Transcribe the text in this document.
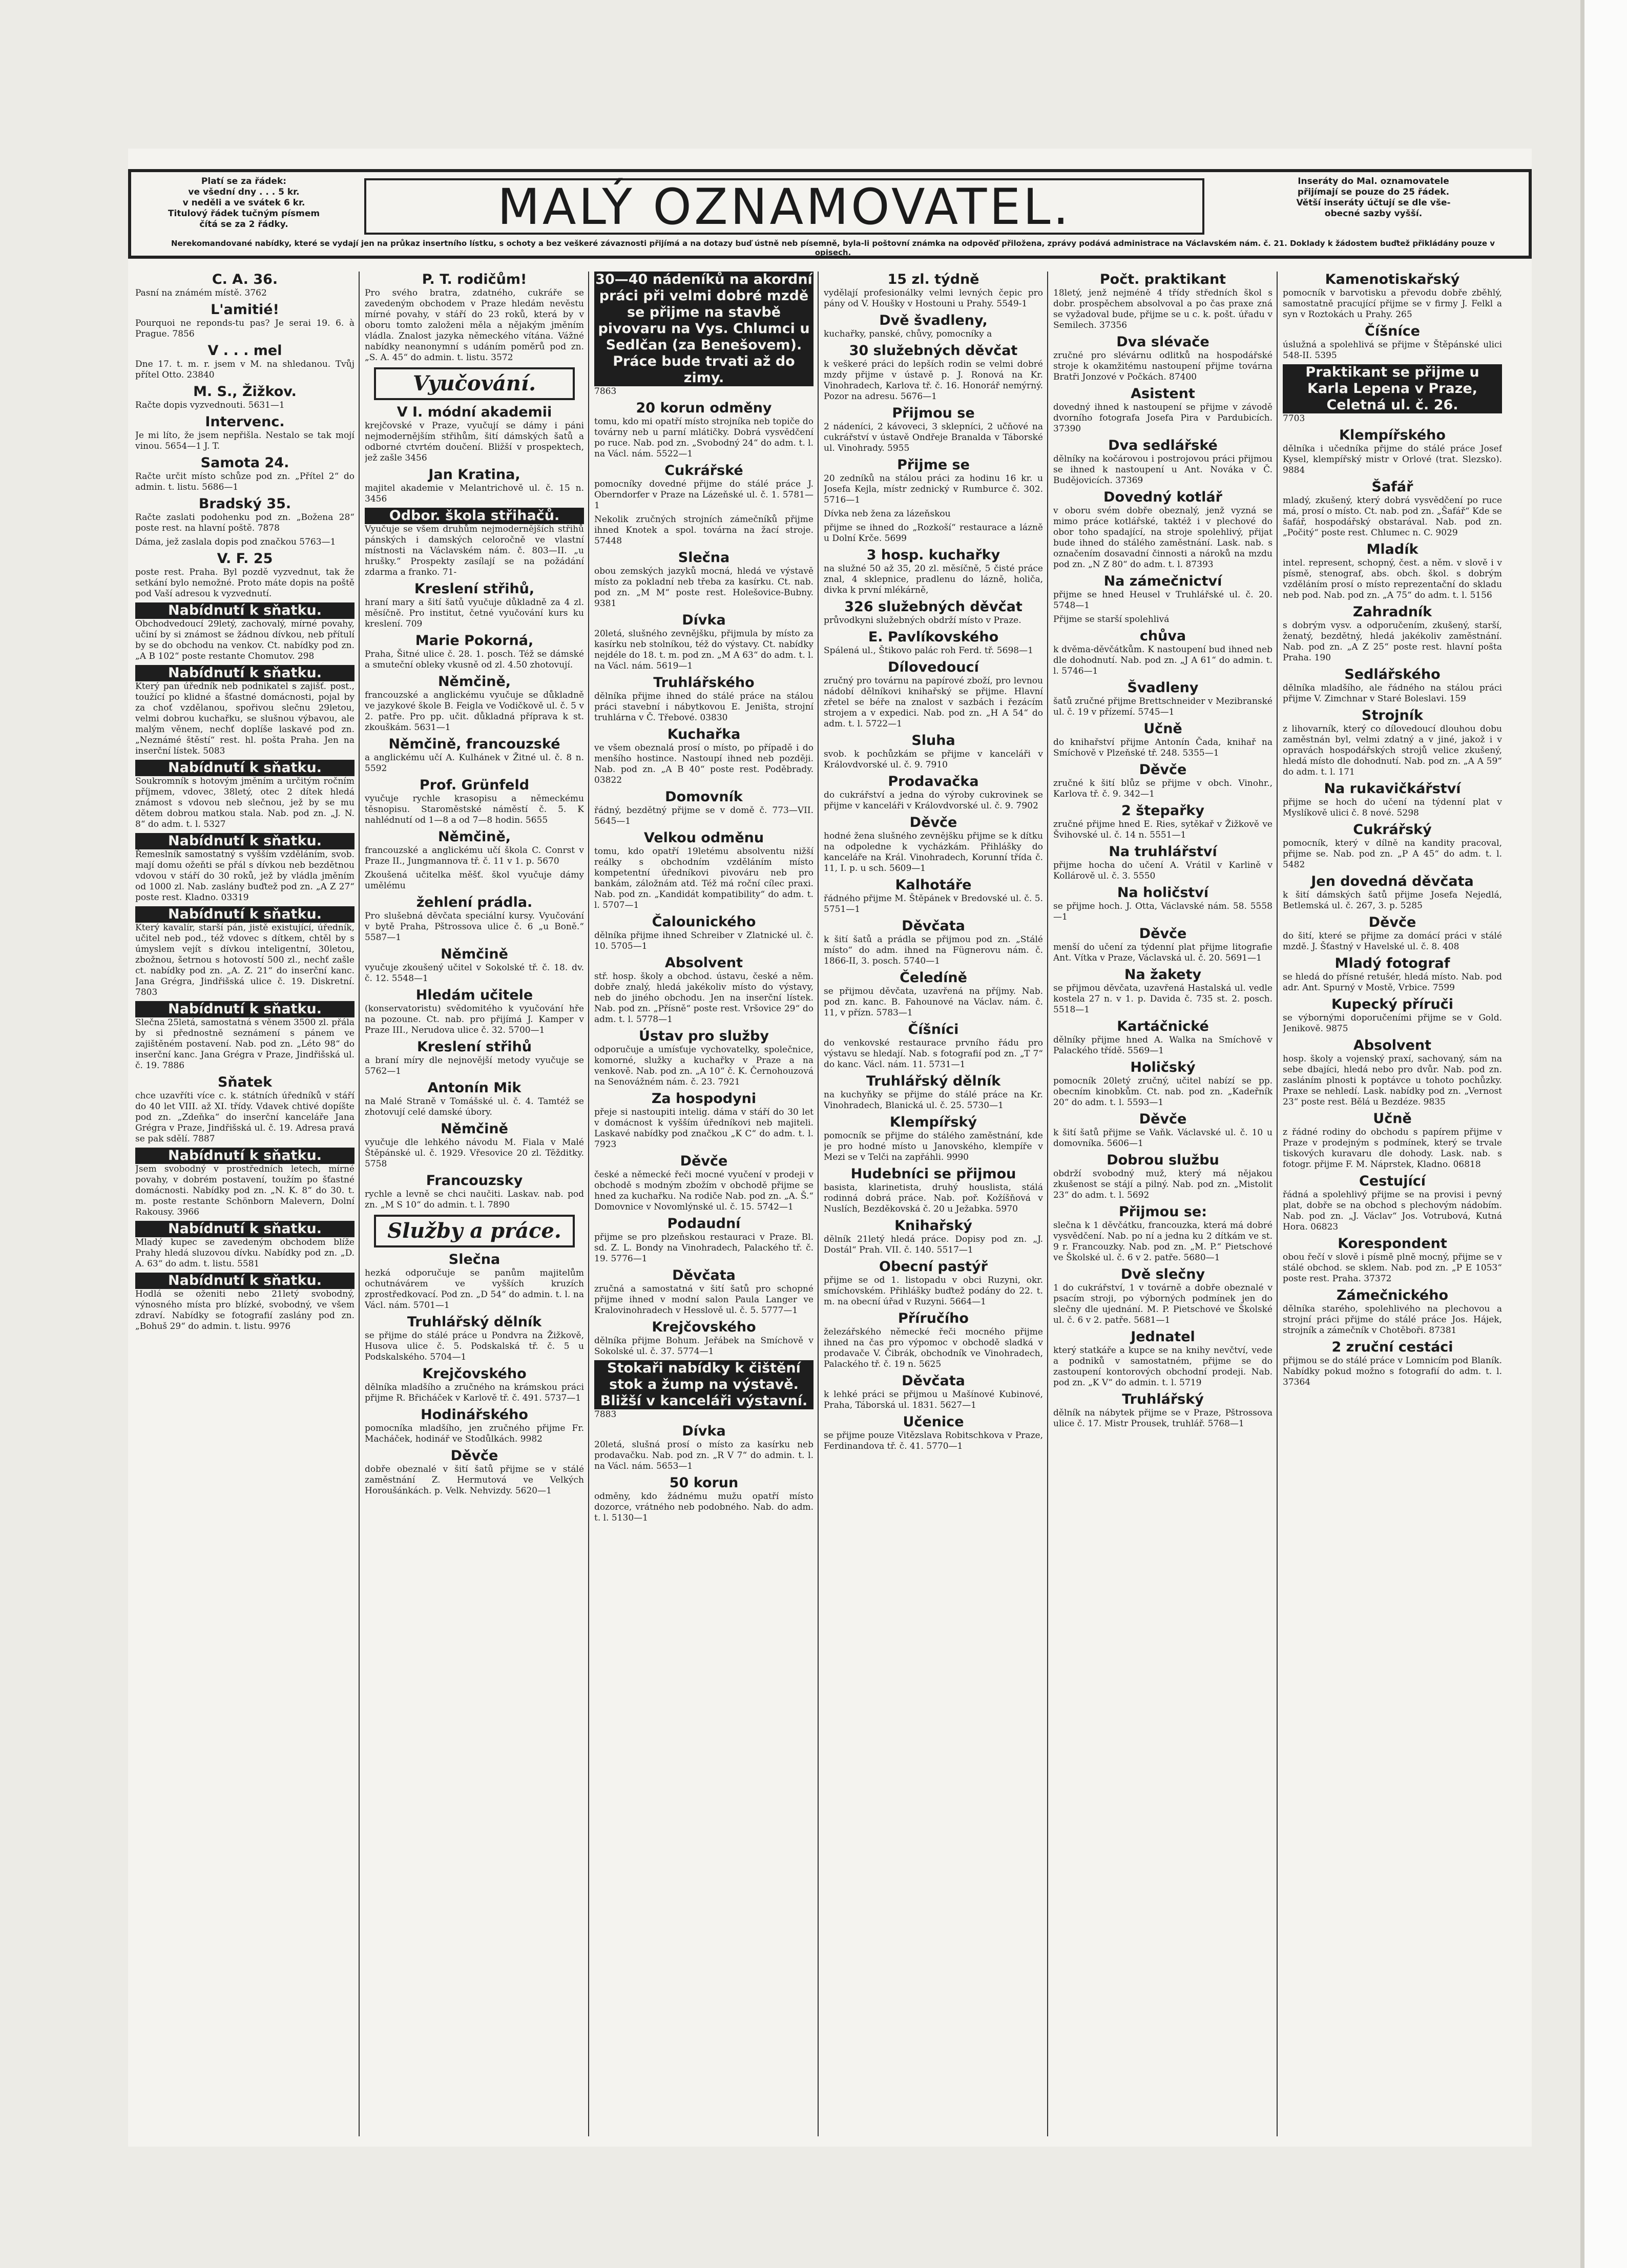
Platí se za řádek:
ve všední dny . . . 5 kr.
v neděli a ve svátek 6 kr.
Titulový řádek tučným písmem
čítá se za 2 řádky.	MALÝ OZNAMOVATEL.	Inseráty do Mal. oznamovatele
přijímají se pouze do 25 řádek.
Větší inseráty účtují se dle vše-
obecné sazby vyšší.
Nerekomandované nabídky, které se vydají jen na průkaz insertního lístku, s ochoty a bez veškeré závaznosti přijímá a na dotazy buď ústně neb písemně, byla-li poštovní známka na odpověď přiložena, zprávy podává administrace na Václavském nám. č. 21. Doklady k žádostem buďtež přikládány pouze v opisech.
C. A. 36.

Pasní na známém místě. 3762

L'amitié!

Pourquoi ne reponds-tu pas? Je serai 19. 6. à Prague. 7856

V . . . mel

Dne 17. t. m. r. jsem v M. na shledanou. Tvůj přítel Otto. 23840

M. S., Žižkov.

Račte dopis vyzvednouti. 5631—1

Intervenc.

Je mi líto, že jsem nepřišla. Nestalo se tak mojí vinou. 5654—1 J. T.

Samota 24.

Račte určit místo schůze pod zn. „Přítel 2“ do admin. t. listu. 5686—1

Bradský 35.

Račte zaslati podohenku pod zn. „Božena 28“ poste rest. na hlavní poště. 7878

Dáma, jež zaslala dopis pod značkou 5763—1

V. F. 25

poste rest. Praha. Byl pozdě vyzvednut, tak že setkání bylo nemožné. Proto máte dopis na poště pod Vaší adresou k vyzvednutí.

Nabídnutí k sňatku.

Obchodvedoucí 29letý, zachovalý, mírné povahy, učiní by si známost se žádnou dívkou, neb přítulí by se do obchodu na venkov. Ct. nabídky pod zn. „A B 102“ poste restante Chomutov. 298

Nabídnutí k sňatku.

Který pan úředník neb podnikatel s zajišť. post., toužící po klidné a šťastné domácnosti, pojal by za choť vzdělanou, spořivou slečnu 29letou, velmi dobrou kuchařku, se slušnou výbavou, ale malým věnem, nechť doplíše laskavé pod zn. „Neznámé štěstí“ rest. hl. pošta Praha. Jen na inserční lístek. 5083

Nabídnutí k sňatku.

Soukromník s hotovým jměním a určitým ročním příjmem, vdovec, 38letý, otec 2 dítek hledá známost s vdovou neb slečnou, jež by se mu dětem dobrou matkou stala. Nab. pod zn. „J. N. 8“ do adm. t. l. 5327

Nabídnutí k sňatku.

Řemeslník samostatný s vyšším vzděláním, svob. mají domu ožeňti se přál s dívkou neb bezdětnou vdovou v stáří do 30 roků, jež by vládla jměním od 1000 zl. Nab. zaslány buďtež pod zn. „A Z 27“ poste rest. Kladno. 03319

Nabídnutí k sňatku.

Který kavalír, starší pán, jistě existující, úředník, učitel neb pod., též vdovec s dítkem, chtěl by s úmyslem vejít s dívkou inteligentní, 30letou, zbožnou, šetrnou s hotovostí 500 zl., nechť zašle ct. nabídky pod zn. „A. Z. 21“ do inserční kanc. Jana Grégra, Jindřišská ulice č. 19. Diskretní. 7803

Nabídnutí k sňatku.

Slečna 25letá, samostatná s věnem 3500 zl. přála by si přednostně seznámení s pánem ve zajištěném postavení. Nab. pod zn. „Léto 98“ do inserční kanc. Jana Grégra v Praze, Jindřišská ul. č. 19. 7886

Sňatek

chce uzavříti více c. k. státních úředníků v stáří do 40 let VIII. až XI. třídy. Vdavek chtivé dopíšte pod zn. „Zdeňka“ do inserční kanceláře Jana Grégra v Praze, Jindřišská ul. č. 19. Adresa pravá se pak sdělí. 7887

Nabídnutí k sňatku.

Jsem svobodný v prostředních letech, mírné povahy, v dobrém postavení, toužím po šťastné domácnosti. Nabídky pod zn. „N. K. 8“ do 30. t. m. poste restante Schönborn Malevern, Dolní Rakousy. 3966

Nabídnutí k sňatku.

Mladý kupec se zavedeným obchodem blíže Prahy hledá sluzovou dívku. Nabídky pod zn. „D. A. 63“ do adm. t. listu. 5581

Nabídnutí k sňatku.

Hodlá se oženiti nebo 21letý svobodný, výnosného místa pro blízké, svobodný, ve všem zdraví. Nabídky se fotografií zaslány pod zn. „Bohuš 29“ do admin. t. listu. 9976

P. T. rodičům!

Pro svého bratra, zdatného, cukráře se zavedeným obchodem v Praze hledám nevěstu mírné povahy, v stáří do 23 roků, která by v oboru tomto založeni měla a nějakým jměním vládla. Znalost jazyka německého vítána. Vážné nabídky neanonymní s udáním poměrů pod zn. „S. A. 45“ do admin. t. listu. 3572

Vyučování.
V I. módní akademii

krejčovské v Praze, vyučují se dámy i páni nejmodernějším střihům, šití dámských šatů a odborné ctvrtém doučení. Bližší v prospektech, jež zašle 3456

Jan Kratina,

majitel akademie v Melantrichově ul. č. 15 n. 3456

Odbor. škola střihačů.

Vyučuje se všem druhům nejmodernějších střihů pánských i damských celoročně ve vlastní místnosti na Václavském nám. č. 803—II. „u hrušky.“ Prospekty zasílají se na požádání zdarma a franko. 71-

Kreslení střihů,

hraní mary a šití šatů vyučuje důkladně za 4 zl. měsíčně. Pro institut, četné vyučování kurs ku kreslení. 709

Marie Pokorná,

Praha, Šitné ulice č. 28. 1. posch. Též se dámské a smuteční obleky vkusně od zl. 4.50 zhotovují.

Němčině,

francouzské a anglickému vyučuje se důkladně ve jazykové škole B. Feigla ve Vodičkově ul. č. 5 v 2. patře. Pro pp. učit. důkladná příprava k st. zkouškám. 5631—1

Němčině, francouzské

a anglickému učí A. Kulhánek v Žitné ul. č. 8 n. 5592

Prof. Grünfeld

vyučuje rychle krasopisu a německému těsnopisu. Staroměstské náměstí č. 5. K nahlédnutí od 1—8 a od 7—8 hodin. 5655

Němčině,

francouzské a anglickému učí škola C. Conrst v Praze II., Jungmannova tř. č. 11 v 1. p. 5670

Zkoušená učitelka měšť. škol vyučuje dámy umělému

žehlení prádla.

Pro slušebná děvčata speciální kursy. Vyučování v bytě Praha, Pštrossova ulice č. 6 „u Boně.“ 5587—1

Němčině

vyučuje zkoušený učitel v Sokolské tř. č. 18. dv. č. 12. 5548—1

Hledám učitele

(konservatoristu) svědomitého k vyučování hře na pozoune. Ct. nab. pro přijímá J. Kamper v Praze III., Nerudova ulice č. 32. 5700—1

Kreslení střihů

a braní míry dle nejnovější metody vyučuje se 5762—1

Antonín Mik

na Malé Straně v Tomášské ul. č. 4. Tamtéž se zhotovují celé damské úbory.

Němčině

vyučuje dle lehkého návodu M. Fiala v Malé Štěpánské ul. č. 1929. Vřesovice 20 zl. Těžditky. 5758

Francouzsky

rychle a levně se chci naučiti. Laskav. nab. pod zn. „M S 10“ do admin. t. l. 7890

Služby a práce.
Slečna

hezká odporučuje se panům majitelům ochutnávárem ve vyšších kruzích zprostředkovací. Pod zn. „D 54“ do admin. t. l. na Václ. nám. 5701—1

Truhlářský dělník

se přijme do stálé práce u Pondvra na Žižkově, Husova ulice č. 5. Podskalská tř. č. 5 u Podskalského. 5704—1

Krejčovského

dělníka mladšího a zručného na krámskou práci přijme R. Břicháček v Karlově tř. č. 491. 5737—1

Hodinářského

pomocníka mladšího, jen zručného přijme Fr. Macháček, hodinář ve Stodůlkách. 9982

Děvče

dobře obeznalé v šití šatů přijme se v stálé zaměstnání Z. Hermutová ve Velkých Horoušánkách. p. Velk. Nehvizdy. 5620—1

30—40 nádeníků na akordní práci při velmi dobré mzdě se přijme na stavbě pivovaru na Vys. Chlumci u Sedlčan (za Benešovem). Práce bude trvati až do zimy.

7863

20 korun odměny

tomu, kdo mi opatří místo strojníka neb topiče do továrny neb u parní mlátičky. Dobrá vysvědčení po ruce. Nab. pod zn. „Svobodný 24“ do adm. t. l. na Václ. nám. 5522—1

Cukrářské

pomocníky dovedné přijme do stálé práce J. Oberndorfer v Praze na Lázeňské ul. č. 1. 5781—1

Nekolik zručných strojních zámečníků přijme ihned Knotek a spol. továrna na žací stroje. 57448

Slečna

obou zemských jazyků mocná, hledá ve výstavě místo za pokladní neb třeba za kasírku. Ct. nab. pod zn. „M M“ poste rest. Holešovice-Bubny. 9381

Dívka

20letá, slušného zevnějšku, přijmula by místo za kasírku neb stolníkou, též do výstavy. Ct. nabídky nejdéle do 18. t. m. pod zn. „M A 63“ do adm. t. l. na Václ. nám. 5619—1

Truhlářského

dělníka přijme ihned do stálé práce na stálou práci stavební i nábytkovou E. Jeništa, strojní truhlárna v Č. Třebové. 03830

Kuchařka

ve všem obeznalá prosí o místo, po případě i do menšího hostince. Nastoupí ihned neb později. Nab. pod zn. „A B 40“ poste rest. Poděbrady. 03822

Domovník

řádný, bezdětný přijme se v domě č. 773—VII. 5645—1

Velkou odměnu

tomu, kdo opatří 19letému absolventu nižší reálky s obchodním vzděláním místo kompetentní úředníkovi pivováru neb pro bankám, záložnám atd. Též má roční cílec praxi. Nab. pod zn. „Kandidát kompatibility“ do adm. t. l. 5707—1

Čalounického

dělníka přijme ihned Schreiber v Zlatnické ul. č. 10. 5705—1

Absolvent

stř. hosp. školy a obchod. ústavu, české a něm. dobře znalý, hledá jakékoliv místo do výstavy, neb do jiného obchodu. Jen na inserční lístek. Nab. pod zn. „Přísně“ poste rest. Vršovice 29“ do adm. t. l. 5778—1

Ústav pro služby

odporučuje a umísťuje vychovatelky, společnice, komorné, služky a kuchařky v Praze a na venkově. Nab. pod zn. „A 10“ č. K. Černohouzová na Senovážném nám. č. 23. 7921

Za hospodyni

přeje si nastoupiti intelig. dáma v stáří do 30 let v domácnost k vyšším úředníkovi neb majiteli. Laskavé nabídky pod značkou „K C“ do adm. t. l. 7923

Děvče

české a německé řeči mocné vyučení v prodeji v obchodě s modným zbožím v obchodě přijme se hned za kuchařku. Na rodiče Nab. pod zn. „A. Š.“ Domovnice v Novomlýnské ul. č. 15. 5742—1

Podaudní

přijme se pro plzeňskou restauraci v Praze. Bl. sd. Z. L. Bondy na Vinohradech, Palackého tř. č. 19. 5776—1

Děvčata

zručná a samostatná v šití šatů pro schopné přijme ihned v modní salon Paula Langer ve Kralovinohradech v Hesslově ul. č. 5. 5777—1

Krejčovského

dělníka přijme Bohum. Jeřábek na Smíchově v Sokolské ul. č. 37. 5774—1

Stokaři nabídky k čištění stok a žump na výstavě. Bližší v kanceláři výstavní.

7883

Dívka

20letá, slušná prosí o místo za kasírku neb prodavačku. Nab. pod zn. „R V 7“ do admin. t. l. na Václ. nám. 5653—1

50 korun

odměny, kdo žádnému mužu opatří místo dozorce, vrátného neb podobného. Nab. do adm. t. l. 5130—1

15 zl. týdně

vydělají profesionálky velmi levných čepic pro pány od V. Houšky v Hostouni u Prahy. 5549-1

Dvě švadleny,

kuchařky, panské, chůvy, pomocníky a

30 služebných děvčat

k veškeré práci do lepších rodin se velmi dobré mzdy přijme v ústavě p. J. Ronová na Kr. Vinohradech, Karlova tř. č. 16. Honorář nemýrný. Pozor na adresu. 5676—1

Přijmou se

2 nádeníci, 2 kávoveci, 3 sklepníci, 2 učňové na cukrářství v ústavě Ondřeje Branalda v Táborské ul. Vinohrady. 5955

Přijme se

20 zedníků na stálou práci za hodinu 16 kr. u Josefa Kejla, místr zednický v Rumburce č. 302. 5716—1

Dívka neb žena za lázeňskou

přijme se ihned do „Rozkoší“ restaurace a lázně u Dolní Krče. 5699

3 hosp. kuchařky

na služné 50 až 35, 20 zl. měsíčně, 5 čisté práce znal, 4 sklepnice, pradlenu do lázně, holiča, divka k první mlékárně,

326 služebných děvčat

průvodkyni služebných obdrží místo v Praze.

E. Pavlíkovského

Spálená ul., Štikovo palác roh Ferd. tř. 5698—1

Dílovedoucí

zručný pro továrnu na papírové zboží, pro levnou nádobí dělníkovi knihařský se přijme. Hlavní zřetel se béře na znalost v sazbách i řezácím strojem a v expedici. Nab. pod zn. „H A 54“ do adm. t. l. 5722—1

Sluha

svob. k pochůzkám se přijme v kanceláři v Královdvorské ul. č. 9. 7910

Prodavačka

do cukrářství a jedna do výroby cukrovinek se přijme v kanceláři v Královdvorské ul. č. 9. 7902

Děvče

hodné žena slušného zevnějšku přijme se k dítku na odpoledne k vycházkám. Přihlášky do kanceláře na Král. Vinohradech, Korunní třída č. 11, I. p. u sch. 5609—1

Kalhotáře

řádného přijme M. Štěpánek v Bredovské ul. č. 5. 5751—1

Děvčata

k šití šatů a prádla se přijmou pod zn. „Stálé místo“ do adm. ihned na Fügnerovu nám. č. 1866-II, 3. posch. 5740—1

Čeledíně

se přijmou děvčata, uzavřená na příjmy. Nab. pod zn. kanc. B. Fahounové na Václav. nám. č. 11, v přízn. 5783—1

Číšníci

do venkovské restaurace prvního řádu pro výstavu se hledají. Nab. s fotografií pod zn. „T 7“ do kanc. Václ. nám. 11. 5731—1

Truhlářský dělník

na kuchyňky se přijme do stálé práce na Kr. Vinohradech, Blanická ul. č. 25. 5730—1

Klempířský

pomocník se přijme do stálého zaměstnání, kde je pro hodné místo u Janovského, klempíře v Mezi se v Telči na zapřáhli. 9990

Hudebníci se přijmou

basista, klarinetista, druhý houslista, stálá rodinná dobrá práce. Nab. poř. Kožíšňová v Nuslích, Bezděkovská č. 20 u Ježabka. 5970

Knihařský

dělník 21letý hledá práce. Dopisy pod zn. „J. Dostál“ Prah. VII. č. 140. 5517—1

Obecní pastýř

přijme se od 1. listopadu v obci Ruzyni, okr. smíchovském. Přihlášky buďtež podány do 22. t. m. na obecní úřad v Ruzyni. 5664—1

Příručího

železářského německé řeči mocného přijme ihned na čas pro výpomoc v obchodě sladká v prodavače V. Čibrák, obchodník ve Vinohradech, Palackého tř. č. 19 n. 5625

Děvčata

k lehké práci se přijmou u Mašínové Kubinové, Praha, Táborská ul. 1831. 5627—1

Učenice

se přijme pouze Vitězslava Robitschkova v Praze, Ferdinandova tř. č. 41. 5770—1

Počt. praktikant

18letý, jenž nejméně 4 třídy středních škol s dobr. prospěchem absolvoval a po čas praxe zná se vyžadoval bude, přijme se u c. k. pošt. úřadu v Semilech. 37356

Dva slévače

zručné pro slévárnu odlitků na hospodářské stroje k okamžitému nastoupení přijme továrna Bratři Jonzové v Počkách. 87400

Asistent

dovedný ihned k nastoupení se přijme v závodě dvorního fotografa Josefa Pira v Pardubicích. 37390

Dva sedlářské

dělníky na kočárovou i postrojovou práci přijmou se ihned k nastoupení u Ant. Nováka v Č. Budějovicích. 37369

Dovedný kotlář

v oboru svém dobře obeznalý, jenž vyzná se mimo práce kotlářské, taktéž i v plechové do obor toho spadající, na stroje spolehlivý, přijat bude ihned do stálého zaměstnání. Lask. nab. s označením dosavadní činnosti a nároků na mzdu pod zn. „N Z 80“ do adm. t. l. 87393

Na zámečnictví

přijme se hned Heusel v Truhlářské ul. č. 20. 5748—1

Přijme se starší spolehlivá

chůva

k dvěma-děvčátkům. K nastoupení bud ihned neb dle dohodnutí. Nab. pod zn. „J A 61“ do admin. t. l. 5746—1

Švadleny

šatů zručné přijme Brettschneider v Mezibranské ul. č. 19 v přízemí. 5745—1

Učně

do knihařství přijme Antonín Čada, knihař na Smíchově v Plzeňské tř. 248. 5355—1

Děvče

zručné k šití blůz se přijme v obch. Vinohr., Karlova tř. č. 9. 342—1

2 štepařky

zručné přijme hned E. Ries, sytěkař v Žižkově ve Švihovské ul. č. 14 n. 5551—1

Na truhlářství

přijme hocha do učení A. Vrátil v Karlině v Kollárově ul. č. 3. 5550

Na holičství

se přijme hoch. J. Otta, Václavské nám. 58. 5558—1

Děvče

menší do učení za týdenní plat přijme litografie Ant. Vítka v Praze, Václavská ul. č. 20. 5691—1

Na žakety

se přijmou děvčata, uzavřená Hastalská ul. vedle kostela 27 n. v 1. p. Davida č. 735 st. 2. posch. 5518—1

Kartáčnické

dělníky přijme hned A. Walka na Smíchově v Palackého třídě. 5569—1

Holičský

pomocník 20letý zručný, učitel nabízí se pp. obecním kinobkům. Ct. nab. pod zn. „Kadeřník 20“ do adm. t. l. 5593—1

Děvče

k šití šatů přijme se Vaňk. Václavské ul. č. 10 u domovníka. 5606—1

Dobrou službu

obdrží svobodný muž, který má nějakou zkušenost se stájí a pilný. Nab. pod zn. „Mistolit 23“ do adm. t. l. 5692

Přijmou se:

slečna k 1 děvčátku, francouzka, která má dobré vysvědčení. Nab. po ní a jedna ku 2 dítkám ve st. 9 r. Francouzky. Nab. pod zn. „M. P.“ Pietschové ve Školské ul. č. 6 v 2. patře. 5680—1

Dvě slečny

1 do cukrářství, 1 v továrně a dobře obeznalé v psacím stroji, po výborných podmínek jen do slečny dle ujednání. M. P. Pietschové ve Školské ul. č. 6 v 2. patře. 5681—1

Jednatel

který statkáře a kupce se na knihy nevčtví, vede a podniků v samostatném, přijme se do zastoupení kontorových obchodní prodeji. Nab. pod zn. „K V“ do admin. t. l. 5719

Truhlářský

dělník na nábytek přijme se v Praze, Pštrossova ulice č. 17. Mistr Prousek, truhlář. 5768—1

Kamenotiskařský

pomocník v barvotisku a převodu dobře zběhlý, samostatně pracující přijme se v firmy J. Felkl a syn v Roztokách u Prahy. 265

Číšníce

úslužná a spolehlivá se přijme v Štěpánské ulici 548-II. 5395

Praktikant se přijme u Karla Lepena v Praze, Celetná ul. č. 26.

7703

Klempířského

dělníka i učedníka přijme do stálé práce Josef Kysel, klempířský mistr v Orlové (trat. Slezsko). 9884

Šafář

mladý, zkušený, který dobrá vysvědčení po ruce má, prosí o místo. Ct. nab. pod zn. „Šafář“ Kde se šafář, hospodářský obstarával. Nab. pod zn. „Počitý“ poste rest. Chlumec n. C. 9029

Mladík

intel. represent, schopný, čest. a něm. v slově i v písmě, stenograf, abs. obch. škol. s dobrým vzděláním prosí o místo reprezentační do skladu neb pod. Nab. pod zn. „A 75“ do adm. t. l. 5156

Zahradník

s dobrým vysv. a odporučením, zkušený, starší, ženatý, bezdětný, hledá jakékoliv zaměstnání. Nab. pod zn. „A Z 25“ poste rest. hlavní pošta Praha. 190

Sedlářského

dělníka mladšího, ale řádného na stálou práci přijme V. Zimchnar v Staré Boleslavi. 159

Strojník

z lihovarník, který co dílovedoucí dlouhou dobu zaměstnán byl, velmi zdatný a v jiné, jakož i v opravách hospodářských strojů velice zkušený, hledá místo dle dohodnutí. Nab. pod zn. „A A 59“ do adm. t. l. 171

Na rukavičkářství

přijme se hoch do učení na týdenní plat v Myslíkově ulici č. 8 nové. 5298

Cukrářský

pomocník, který v dílně na kandity pracoval, přijme se. Nab. pod zn. „P A 45“ do adm. t. l. 5482

Jen dovedná děvčata

k šití dámských šatů přijme Josefa Nejedlá, Betlemská ul. č. 267, 3. p. 5285

Děvče

do šití, které se přijme za domácí práci v stálé mzdě. J. Šťastný v Havelské ul. č. 8. 408

Mladý fotograf

se hledá do přísné retušér, hledá místo. Nab. pod adr. Ant. Spurný v Mostě, Vrbice. 7599

Kupecký příruči

se výbornými doporučeními přijme se v Gold. Jenikově. 9875

Absolvent

hosp. školy a vojenský praxí, sachovaný, sám na sebe dbajíci, hledá nebo pro dvůr. Nab. pod zn. zasláním plnosti k poptávce u tohoto pochůzky. Praxe se nehledí. Lask. nabídky pod zn. „Vernost 23“ poste rest. Bělá u Bezdéze. 9835

Učně

z řádné rodiny do obchodu s papírem přijme v Praze v prodejným s podmínek, který se trvale tiskových kuravaru dle dohody. Lask. nab. s fotogr. přijme F. M. Náprstek, Kladno. 06818

Cestující

řádná a spolehlivý přijme se na provisi i pevný plat, dobře se na obchod s plechovým nádobím. Nab. pod zn. „J. Václav“ Jos. Votrubová, Kutná Hora. 06823

Korespondent

obou řečí v slově i písmě plně mocný, přijme se v stálé obchod. se sklem. Nab. pod zn. „P E 1053“ poste rest. Praha. 37372

Zámečnického

dělníka starého, spolehlivého na plechovou a strojní práci přijme do stálé práce Jos. Hájek, strojník a zámečník v Chotěboři. 87381

2 zruční cestáci

přijmou se do stálé práce v Lomnicím pod Blaník. Nabídky pokud možno s fotografií do adm. t. l. 37364
